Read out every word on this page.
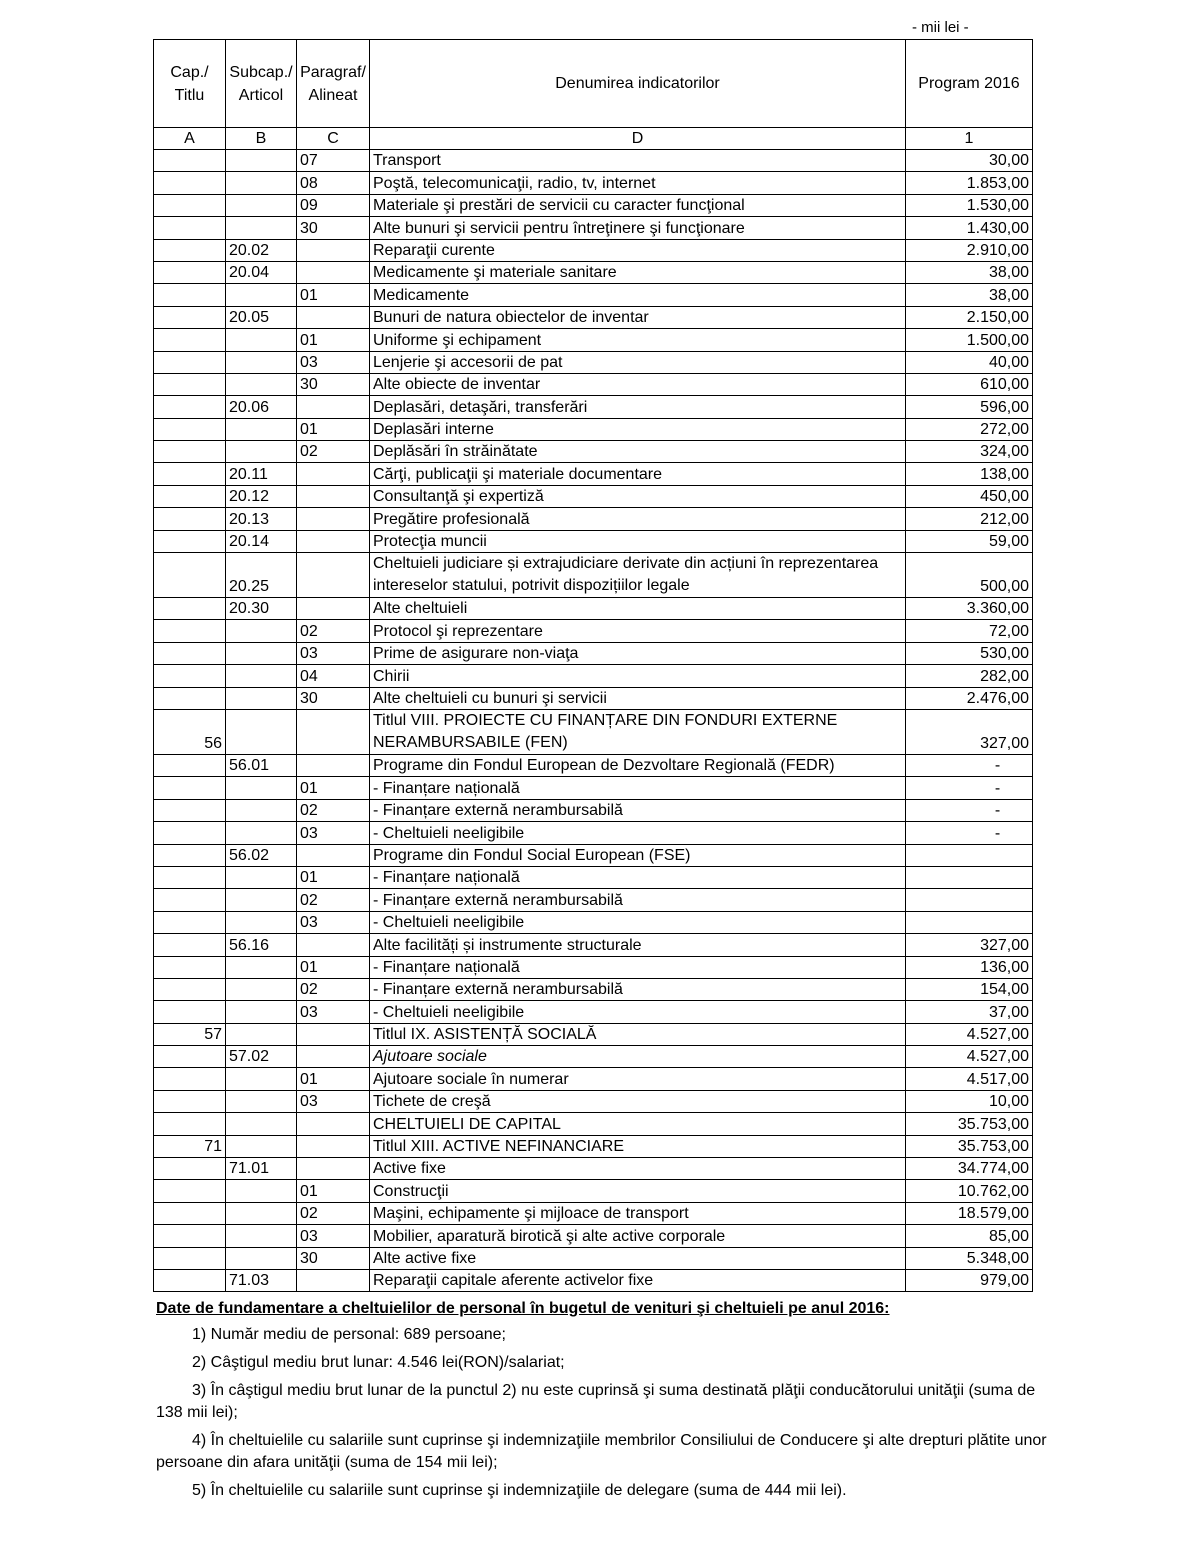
- mii lei -
Cap./ Titlu	Subcap./ Articol	Paragraf/ Alineat	Denumirea indicatorilor	Program 2016
A	B	C	D	1
		07	Transport	30,00
		08	Poştă, telecomunicaţii, radio, tv, internet	1.853,00
		09	Materiale şi prestări de servicii cu caracter funcţional	1.530,00
		30	Alte bunuri şi servicii pentru întreţinere şi funcţionare	1.430,00
	20.02		Reparaţii curente	2.910,00
	20.04		Medicamente şi materiale sanitare	38,00
		01	Medicamente	38,00
	20.05		Bunuri de natura obiectelor de inventar	2.150,00
		01	Uniforme şi echipament	1.500,00
		03	Lenjerie şi accesorii de pat	40,00
		30	Alte obiecte de inventar	610,00
	20.06		Deplasări, detaşări, transferări	596,00
		01	Deplasări interne	272,00
		02	Deplăsări în străinătate	324,00
	20.11		Cărţi, publicaţii şi materiale documentare	138,00
	20.12		Consultanţă şi expertiză	450,00
	20.13		Pregătire profesională	212,00
	20.14		Protecţia muncii	59,00
	20.25		Cheltuieli judiciare și extrajudiciare derivate din acțiuni în reprezentarea intereselor statului, potrivit dispozițiilor legale	500,00
	20.30		Alte cheltuieli	3.360,00
		02	Protocol şi reprezentare	72,00
		03	Prime de asigurare non-viaţa	530,00
		04	Chirii	282,00
		30	Alte cheltuieli cu bunuri şi servicii	2.476,00
56			Titlul VIII. PROIECTE CU FINANȚARE DIN FONDURI EXTERNE NERAMBURSABILE (FEN)	327,00
	56.01		Programe din Fondul European de Dezvoltare Regională (FEDR)	-
		01	- Finanțare națională	-
		02	- Finanțare externă nerambursabilă	-
		03	- Cheltuieli neeligibile	-
	56.02		Programe din Fondul Social European (FSE)	
		01	- Finanțare națională	
		02	- Finanțare externă nerambursabilă	
		03	- Cheltuieli neeligibile	
	56.16		Alte facilități și instrumente structurale	327,00
		01	- Finanțare națională	136,00
		02	- Finanțare externă nerambursabilă	154,00
		03	- Cheltuieli neeligibile	37,00
57			Titlul IX. ASISTENȚĂ SOCIALĂ	4.527,00
	57.02		Ajutoare sociale	4.527,00
		01	Ajutoare sociale în numerar	4.517,00
		03	Tichete de creşă	10,00
			CHELTUIELI DE CAPITAL	35.753,00
71			Titlul XIII. ACTIVE NEFINANCIARE	35.753,00
	71.01		Active fixe	34.774,00
		01	Construcţii	10.762,00
		02	Maşini, echipamente şi mijloace de transport	18.579,00
		03	Mobilier, aparatură birotică şi alte active corporale	85,00
		30	Alte active fixe	5.348,00
	71.03		Reparaţii capitale aferente activelor fixe	979,00
Date de fundamentare a cheltuielilor de personal în bugetul de venituri şi cheltuieli pe anul 2016:
1) Număr mediu de personal: 689 persoane;
2) Câştigul mediu brut lunar: 4.546 lei(RON)/salariat;
3) În câştigul mediu brut lunar de la punctul 2) nu este cuprinsă şi suma destinată plăţii conducătorului unităţii (suma de 138 mii lei);
4) În cheltuielile cu salariile sunt cuprinse şi indemnizaţiile membrilor Consiliului de Conducere şi alte drepturi plătite unor persoane din afara unităţii (suma de 154 mii lei);
5) În cheltuielile cu salariile sunt cuprinse şi indemnizaţiile de delegare (suma de 444 mii lei).
